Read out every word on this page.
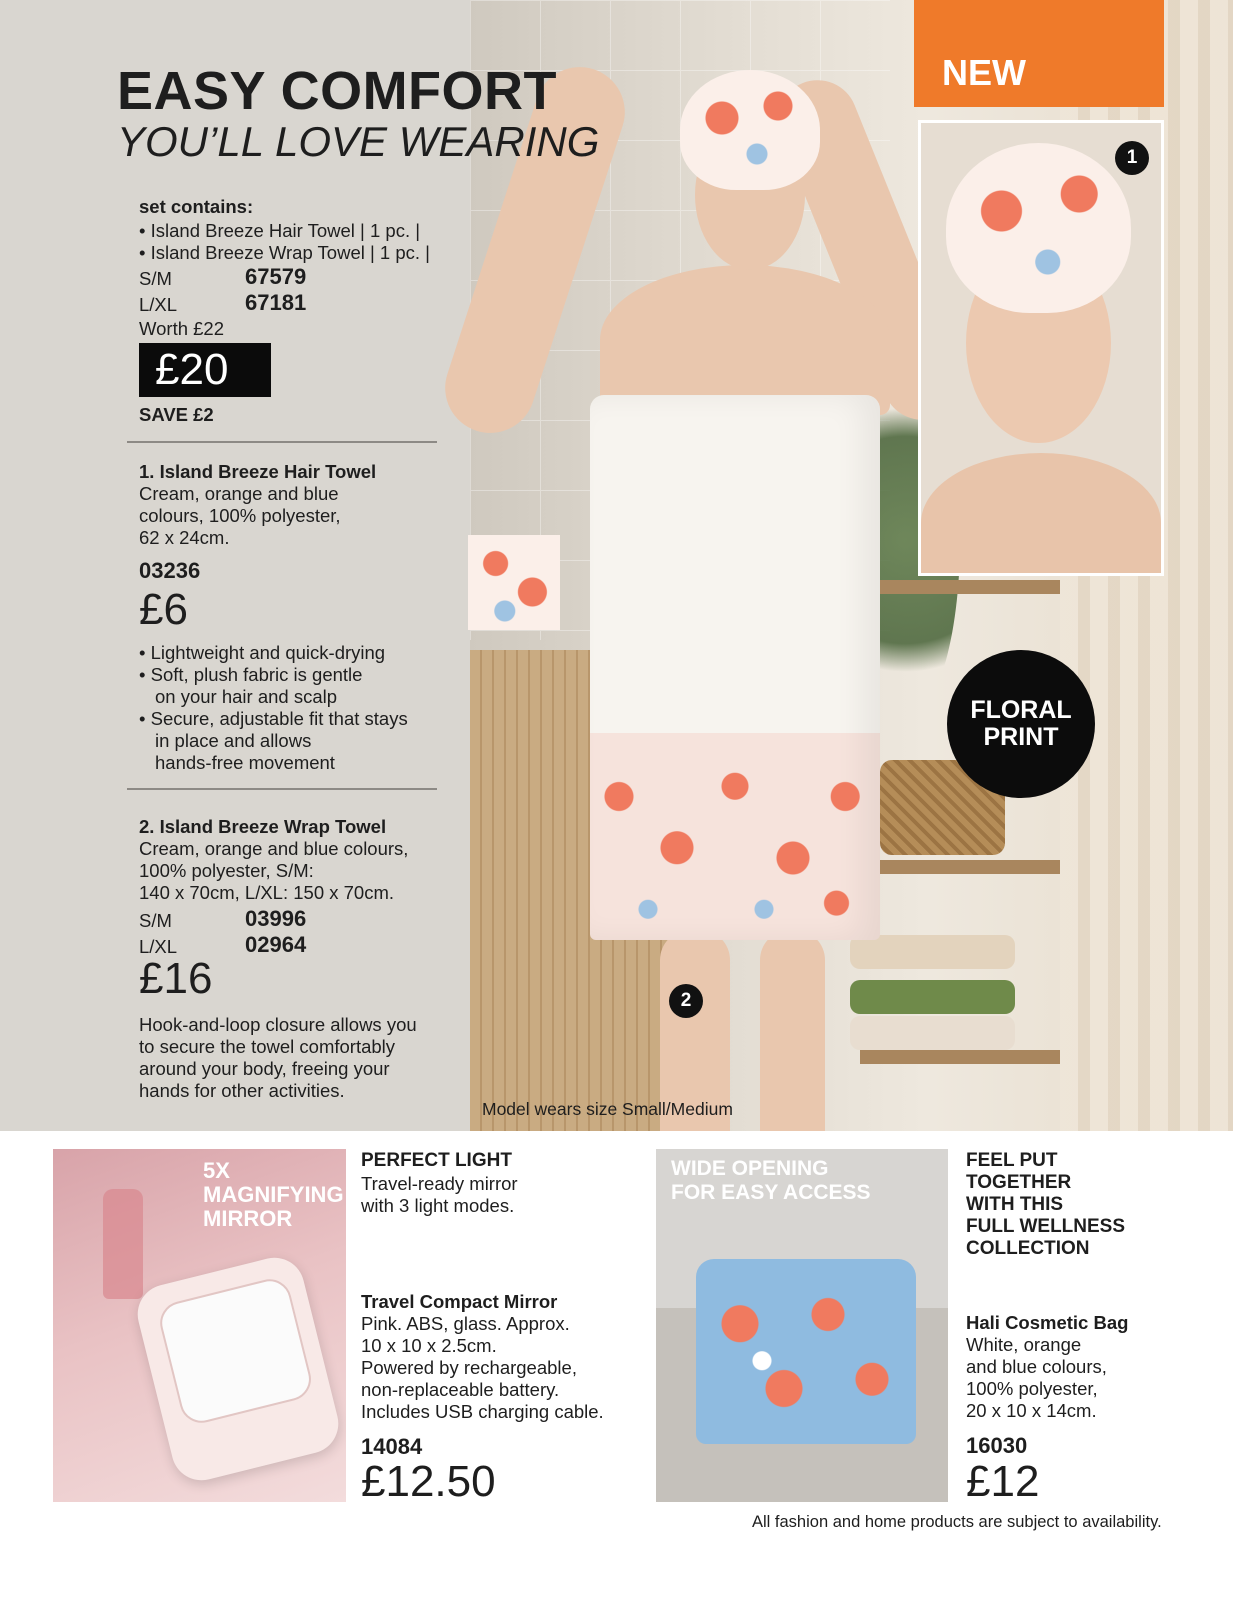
NEW
1
2
FLORAL
PRINT
Model wears size Small/Medium
EASY COMFORT
YOU’LL LOVE WEARING
set contains:
• Island Breeze Hair Towel | 1 pc. |
• Island Breeze Wrap Towel | 1 pc. |
S/M	67579
L/XL	67181
Worth £22
£20
SAVE £2
1. Island Breeze Hair Towel
Cream, orange and blue
colours, 100% polyester,
62 x 24cm.
03236
£6
• Lightweight and quick-drying
• Soft, plush fabric is gentle
on your hair and scalp
• Secure, adjustable fit that stays
in place and allows
hands-free movement
2. Island Breeze Wrap Towel
Cream, orange and blue colours,
100% polyester, S/M:
140 x 70cm, L/XL: 150 x 70cm.
S/M	03996
L/XL	02964
£16
Hook-and-loop closure allows you
to secure the towel comfortably
around your body, freeing your
hands for other activities.
5X
MAGNIFYING
MIRROR
PERFECT LIGHT
Travel-ready mirror
with 3 light modes.
Travel Compact Mirror
Pink. ABS, glass. Approx.
10 x 10 x 2.5cm.
Powered by rechargeable,
non-replaceable battery.
Includes USB charging cable.
14084
£12.50
WIDE OPENING
FOR EASY ACCESS
FEEL PUT
TOGETHER
WITH THIS
FULL WELLNESS
COLLECTION
Hali Cosmetic Bag
White, orange
and blue colours,
100% polyester,
20 x 10 x 14cm.
16030
£12
All fashion and home products are subject to availability.
